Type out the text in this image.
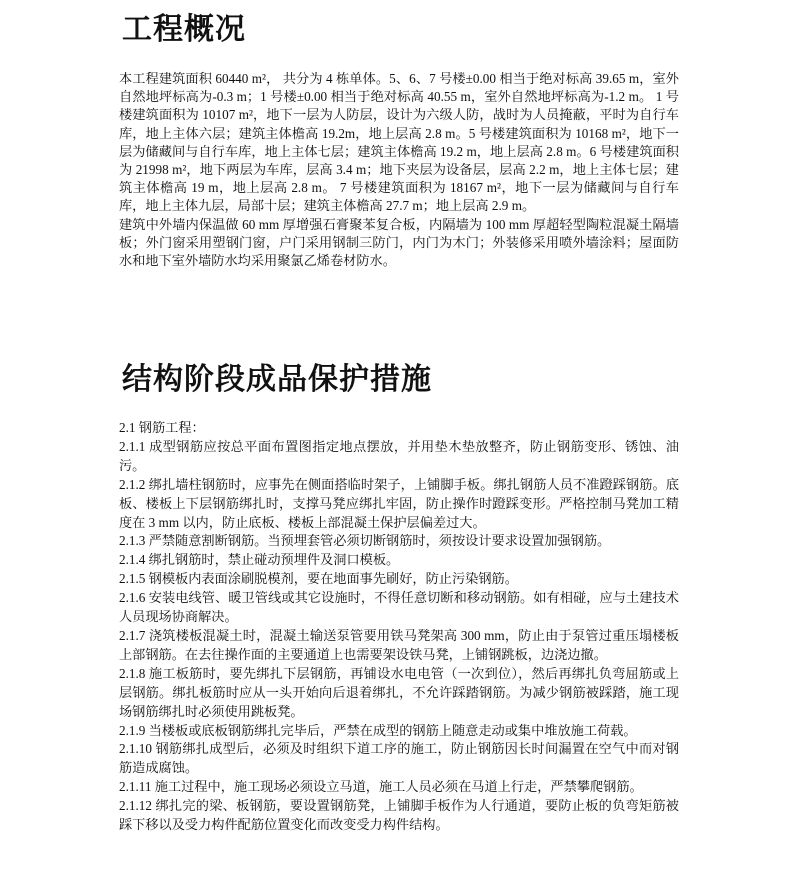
工程概况

本工程建筑面积 60440 m²， 共分为 4 栋单体。5、6、7 号楼±0.00 相当于绝对标高 39.65 m，室外自然地坪标高为-0.3 m；1 号楼±0.00 相当于绝对标高 40.55 m，室外自然地坪标高为-1.2 m。 1 号楼建筑面积为 10107 m²，地下一层为人防层，设计为六级人防，战时为人员掩蔽，平时为自行车库，地上主体六层；建筑主体檐高 19.2m，地上层高 2.8 m。5 号楼建筑面积为 10168 m²，地下一层为储藏间与自行车库，地上主体七层；建筑主体檐高 19.2 m，地上层高 2.8 m。6 号楼建筑面积为 21998 m²，地下两层为车库，层高 3.4 m；地下夹层为设备层，层高 2.2 m，地上主体七层；建筑主体檐高 19 m，地上层高 2.8 m。 7 号楼建筑面积为 18167 m²，地下一层为储藏间与自行车库，地上主体九层，局部十层；建筑主体檐高 27.7 m；地上层高 2.9 m。

建筑中外墙内保温做 60 mm 厚增强石膏聚苯复合板，内隔墙为 100 mm 厚超轻型陶粒混凝土隔墙板；外门窗采用塑钢门窗，户门采用钢制三防门，内门为木门；外装修采用喷外墙涂料；屋面防水和地下室外墙防水均采用聚氯乙烯卷材防水。

结构阶段成品保护措施

2.1 钢筋工程：

2.1.1 成型钢筋应按总平面布置图指定地点摆放，并用垫木垫放整齐，防止钢筋变形、锈蚀、油污。

2.1.2 绑扎墙柱钢筋时，应事先在侧面搭临时架子，上铺脚手板。绑扎钢筋人员不准蹬踩钢筋。底板、楼板上下层钢筋绑扎时，支撑马凳应绑扎牢固，防止操作时蹬踩变形。严格控制马凳加工精度在 3 mm 以内，防止底板、楼板上部混凝土保护层偏差过大。

2.1.3 严禁随意割断钢筋。当预埋套管必须切断钢筋时，须按设计要求设置加强钢筋。

2.1.4 绑扎钢筋时，禁止碰动预埋件及洞口模板。

2.1.5 钢模板内表面涂刷脱模剂，要在地面事先刷好，防止污染钢筋。

2.1.6 安装电线管、暖卫管线或其它设施时，不得任意切断和移动钢筋。如有相碰，应与土建技术人员现场协商解决。

2.1.7 浇筑楼板混凝土时，混凝土输送泵管要用铁马凳架高 300 mm，防止由于泵管过重压塌楼板上部钢筋。在去往操作面的主要通道上也需要架设铁马凳，上铺钢跳板，边浇边撤。

2.1.8 施工板筋时，要先绑扎下层钢筋，再铺设水电电管（一次到位），然后再绑扎负弯屈筋或上层钢筋。绑扎板筋时应从一头开始向后退着绑扎，不允许踩踏钢筋。为减少钢筋被踩踏，施工现场钢筋绑扎时必须使用跳板凳。

2.1.9 当楼板或底板钢筋绑扎完毕后，严禁在成型的钢筋上随意走动或集中堆放施工荷载。

2.1.10 钢筋绑扎成型后，必须及时组织下道工序的施工，防止钢筋因长时间漏置在空气中而对钢筋造成腐蚀。

2.1.11 施工过程中，施工现场必须设立马道，施工人员必须在马道上行走，严禁攀爬钢筋。

2.1.12 绑扎完的梁、板钢筋，要设置钢筋凳，上铺脚手板作为人行通道，要防止板的负弯矩筋被踩下移以及受力构件配筋位置变化而改变受力构件结构。
